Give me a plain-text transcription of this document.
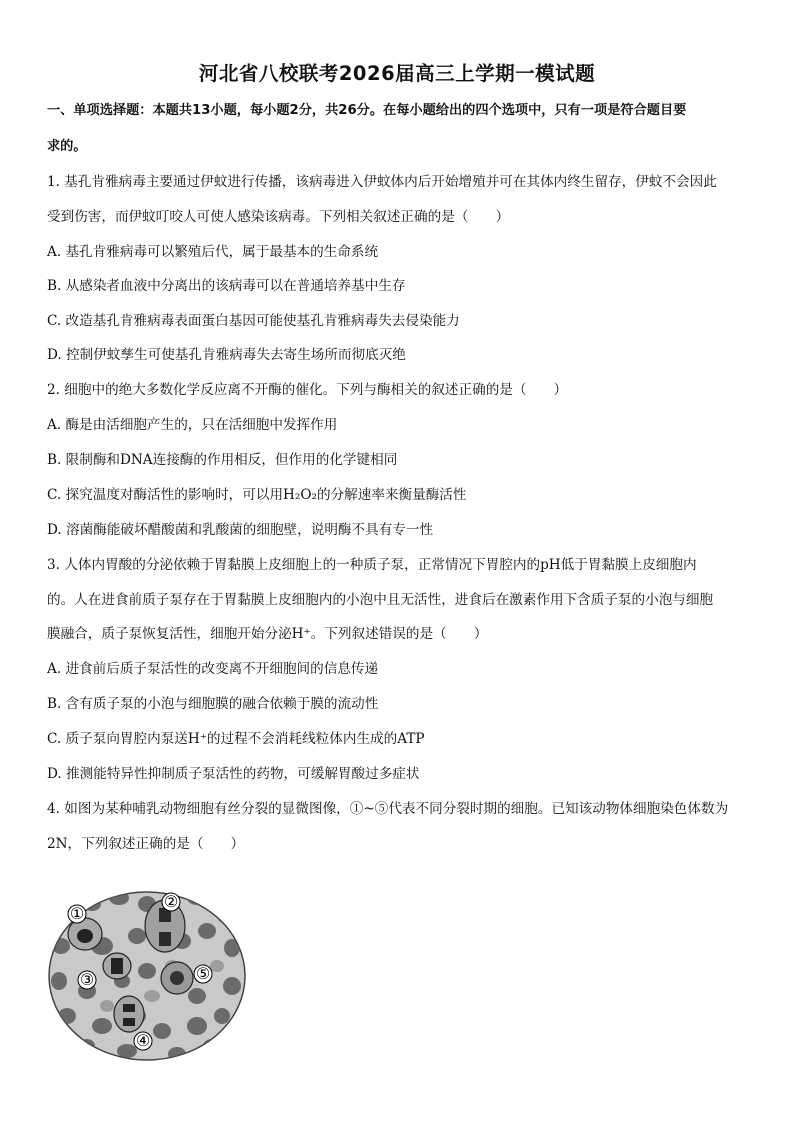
河北省八校联考2026届高三上学期一模试题
一、单项选择题：本题共13小题，每小题2分，共26分。在每小题给出的四个选项中，只有一项是符合题目要
求的。
1. 基孔肯雅病毒主要通过伊蚊进行传播，该病毒进入伊蚊体内后开始增殖并可在其体内终生留存，伊蚊不会因此
受到伤害，而伊蚊叮咬人可使人感染该病毒。下列相关叙述正确的是（　　）
A. 基孔肯雅病毒可以繁殖后代，属于最基本的生命系统
B. 从感染者血液中分离出的该病毒可以在普通培养基中生存
C. 改造基孔肯雅病毒表面蛋白基因可能使基孔肯雅病毒失去侵染能力
D. 控制伊蚊孳生可使基孔肯雅病毒失去寄生场所而彻底灭绝
2. 细胞中的绝大多数化学反应离不开酶的催化。下列与酶相关的叙述正确的是（　　）
A. 酶是由活细胞产生的，只在活细胞中发挥作用
B. 限制酶和DNA连接酶的作用相反，但作用的化学键相同
C. 探究温度对酶活性的影响时，可以用H₂O₂的分解速率来衡量酶活性
D. 溶菌酶能破坏醋酸菌和乳酸菌的细胞壁，说明酶不具有专一性
3. 人体内胃酸的分泌依赖于胃黏膜上皮细胞上的一种质子泵，正常情况下胃腔内的pH低于胃黏膜上皮细胞内
的。人在进食前质子泵存在于胃黏膜上皮细胞内的小泡中且无活性，进食后在激素作用下含质子泵的小泡与细胞
膜融合，质子泵恢复活性，细胞开始分泌H⁺。下列叙述错误的是（　　）
A. 进食前后质子泵活性的改变离不开细胞间的信息传递
B. 含有质子泵的小泡与细胞膜的融合依赖于膜的流动性
C. 质子泵向胃腔内泵送H⁺的过程不会消耗线粒体内生成的ATP
D. 推测能特异性抑制质子泵活性的药物，可缓解胃酸过多症状
4. 如图为某种哺乳动物细胞有丝分裂的显微图像，①~⑤代表不同分裂时期的细胞。已知该动物体细胞染色体数为
2N，下列叙述正确的是（　　）
①
②
③	⑤
④
